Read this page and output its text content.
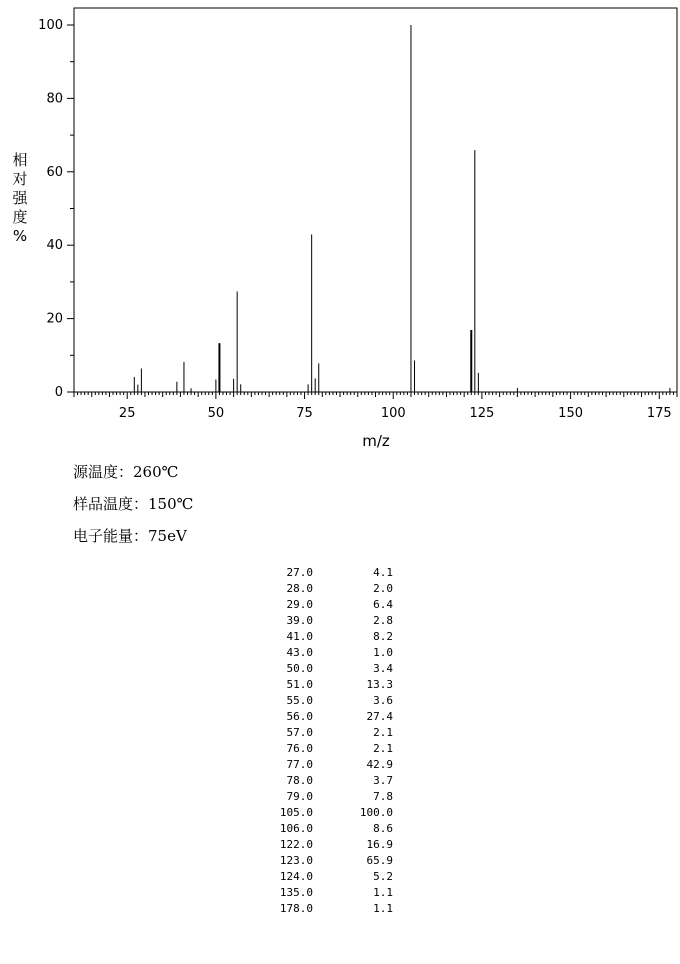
25	50	75	100	125	150	175
0
20
40
60
80
100
m/z
相
对
强
度
%
源温度：260℃
样品温度：150℃
电子能量：75eV
27.0	4.1
28.0	2.0
29.0	6.4
39.0	2.8
41.0	8.2
43.0	1.0
50.0	3.4
51.0	13.3
55.0	3.6
56.0	27.4
57.0	2.1
76.0	2.1
77.0	42.9
78.0	3.7
79.0	7.8
105.0	100.0
106.0	8.6
122.0	16.9
123.0	65.9
124.0	5.2
135.0	1.1
178.0	1.1
